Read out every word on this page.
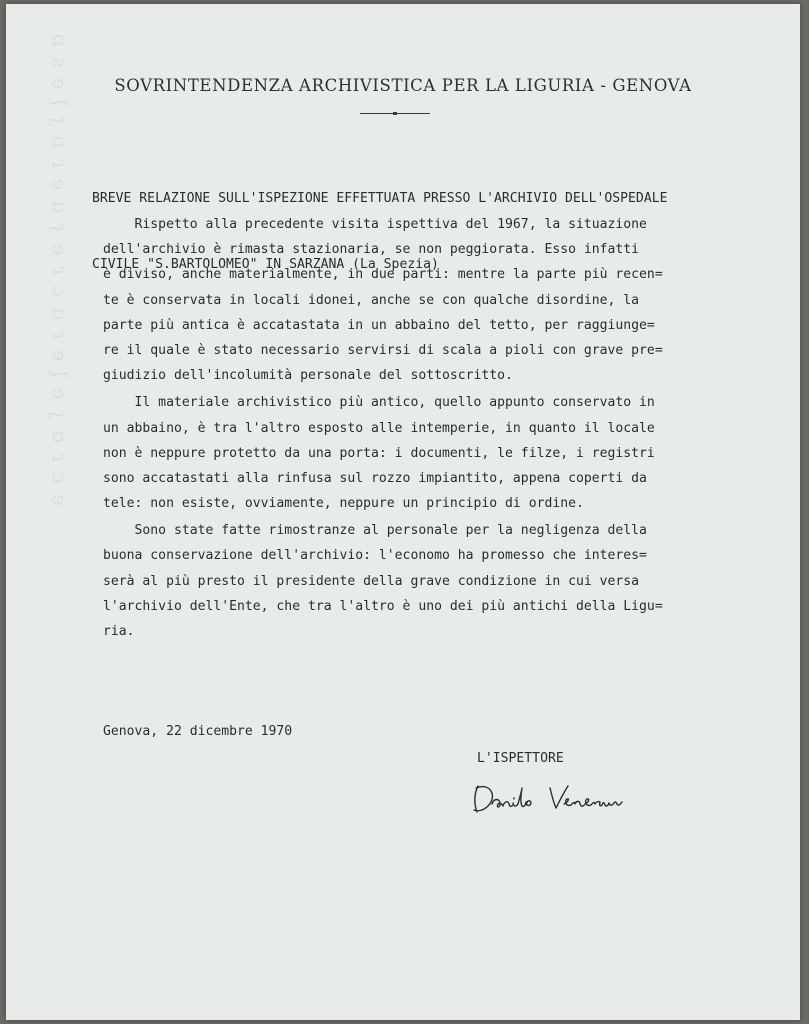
ɑ ƨ ɘ ʃ ʅ ɑ ɿ ɘ ɒ ʅ ɘ ɿ ɔ ɒ ɿ ɘ ʃ ɘ ʅ ɒ ɿ ɔ ɘ	SOVRINTENDENZA ARCHIVISTICA PER LA LIGURIA - GENOVA

BREVE RELAZIONE SULL'ISPEZIONE EFFETTUATA PRESSO L'ARCHIVIO DELL'OSPEDALE

CIVILE "S.BARTOLOMEO" IN SARZANA (La Spezia)

Rispetto alla precedente visita ispettiva del 1967, la situazione
dell'archivio è rimasta stazionaria, se non peggiorata. Esso infatti
è diviso, anche materialmente, in due parti: mentre la parte più recen=
te è conservata in locali idonei, anche se con qualche disordine, la
parte più antica è accatastata in un abbaino del tetto, per raggiunge=
re il quale è stato necessario servirsi di scala a pioli con grave pre=
giudizio dell'incolumità personale del sottoscritto.
Il materiale archivistico più antico, quello appunto conservato in
un abbaino, è tra l'altro esposto alle intemperie, in quanto il locale
non è neppure protetto da una porta: i documenti, le filze, i registri
sono accatastati alla rinfusa sul rozzo impiantito, appena coperti da
tele: non esiste, ovviamente, neppure un principio di ordine.
Sono state fatte rimostranze al personale per la negligenza della
buona conservazione dell'archivio: l'economo ha promesso che interes=
serà al più presto il presidente della grave condizione in cui versa
l'archivio dell'Ente, che tra l'altro è uno dei più antichi della Ligu=
ria.
Genova, 22 dicembre 1970
L'ISPETTORE
Danilo Veneruso
